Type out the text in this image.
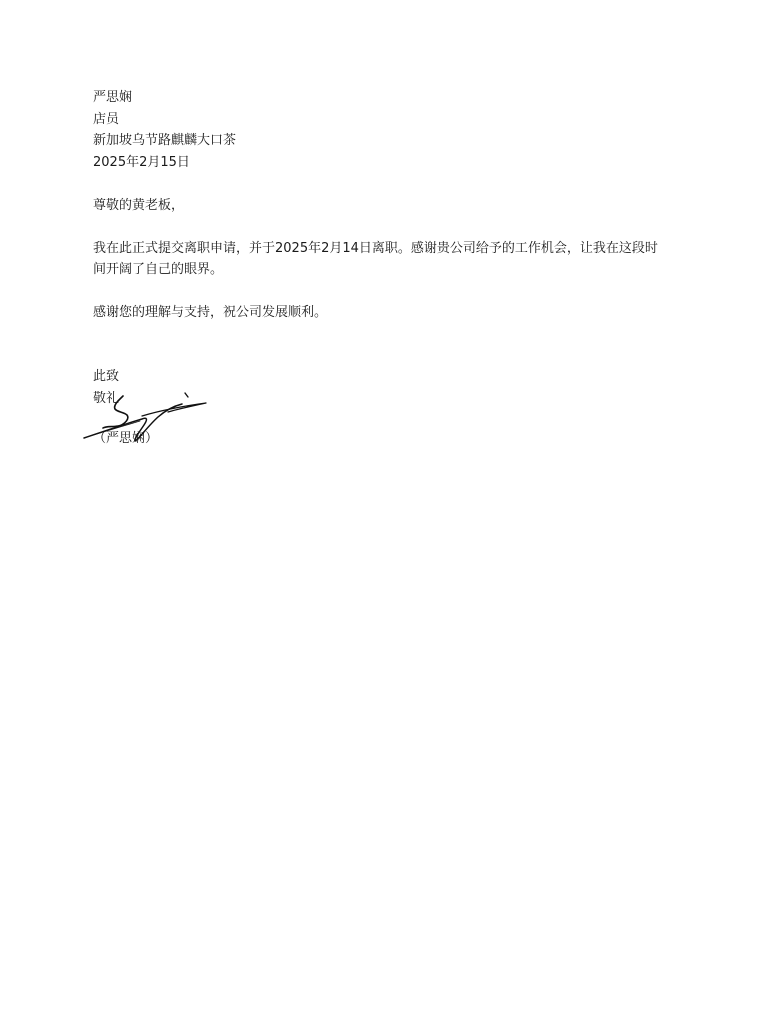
严思娴
店员
新加坡乌节路麒麟大口茶
2025年2月15日
尊敬的黄老板，
我在此正式提交离职申请，并于2025年2月14日离职。感谢贵公司给予的工作机会，让我在这段时间开阔了自己的眼界。
感谢您的理解与支持，祝公司发展顺利。
此致
敬礼
（严思娴）
